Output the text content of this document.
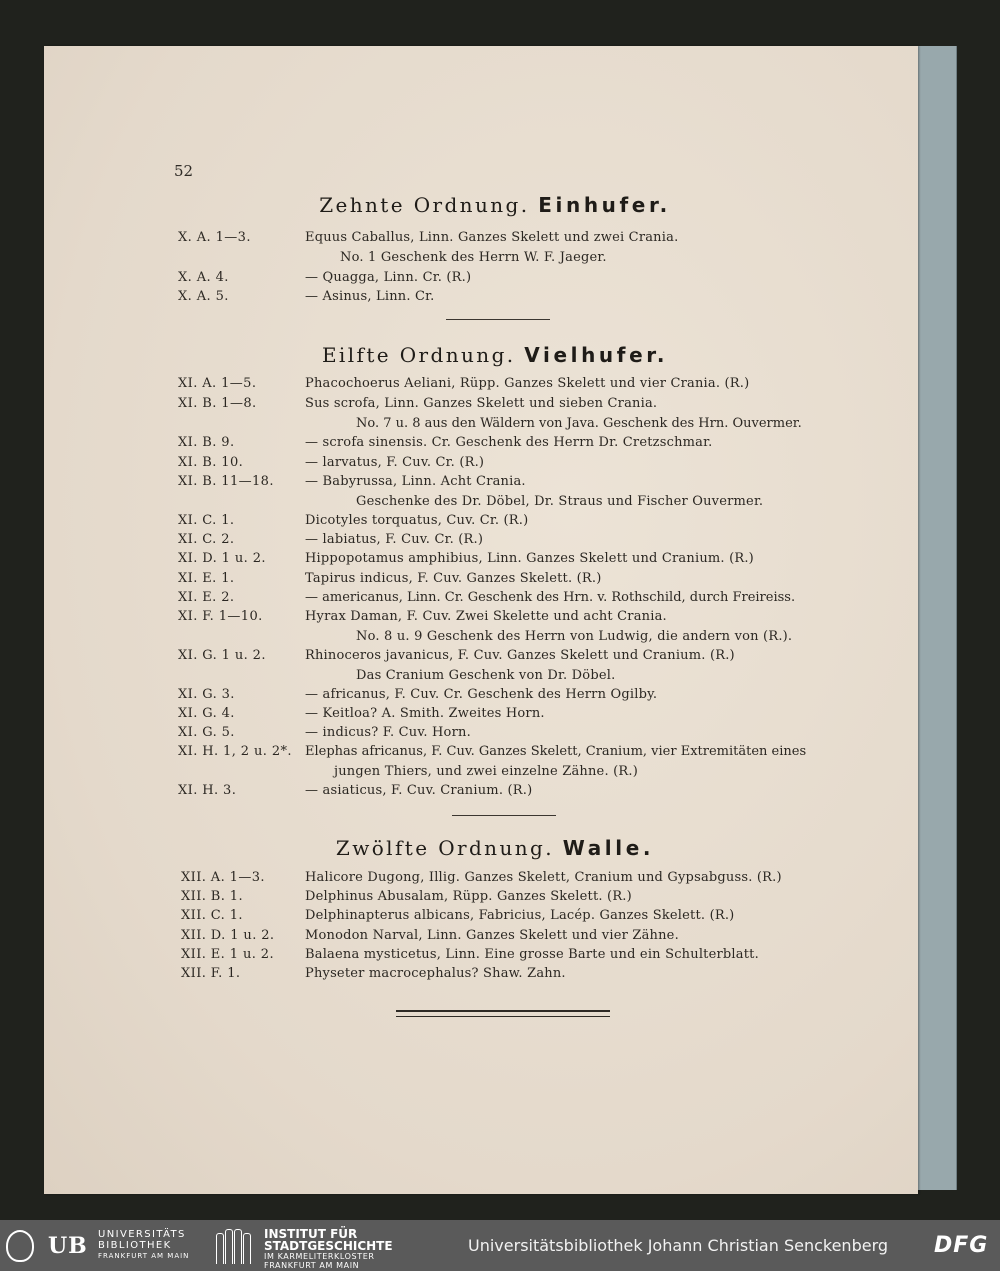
52
Zehnte Ordnung. Einhufer.
X. A. 1—3.	Equus Caballus, Linn. Ganzes Skelett und zwei Crania.
No. 1 Geschenk des Herrn W. F. Jaeger.
X. A. 4.	— Quagga, Linn. Cr. (R.)
X. A. 5.	— Asinus, Linn. Cr.
Eilfte Ordnung. Vielhufer.
XI. A. 1—5.	Phacochoerus Aeliani, Rüpp. Ganzes Skelett und vier Crania. (R.)
XI. B. 1—8.	Sus scrofa, Linn. Ganzes Skelett und sieben Crania.
No. 7 u. 8 aus den Wäldern von Java. Geschenk des Hrn. Ouvermer.
XI. B. 9.	— scrofa sinensis. Cr. Geschenk des Herrn Dr. Cretzschmar.
XI. B. 10.	— larvatus, F. Cuv. Cr. (R.)
XI. B. 11—18. — Babyrussa, Linn. Acht Crania.
Geschenke des Dr. Döbel, Dr. Straus und Fischer Ouvermer.
XI. C. 1.	Dicotyles torquatus, Cuv. Cr. (R.)
XI. C. 2.	— labiatus, F. Cuv. Cr. (R.)
XI. D. 1 u. 2.	Hippopotamus amphibius, Linn. Ganzes Skelett und Cranium. (R.)
XI. E. 1.	Tapirus indicus, F. Cuv. Ganzes Skelett. (R.)
XI. E. 2.	— americanus, Linn. Cr. Geschenk des Hrn. v. Rothschild, durch Freireiss.
XI. F. 1—10.	Hyrax Daman, F. Cuv. Zwei Skelette und acht Crania.
No. 8 u. 9 Geschenk des Herrn von Ludwig, die andern von (R.).
XI. G. 1 u. 2.	Rhinoceros javanicus, F. Cuv. Ganzes Skelett und Cranium. (R.)
Das Cranium Geschenk von Dr. Döbel.
XI. G. 3.	— africanus, F. Cuv. Cr. Geschenk des Herrn Ogilby.
XI. G. 4.	— Keitloa? A. Smith. Zweites Horn.
XI. G. 5.	— indicus? F. Cuv. Horn.
XI. H. 1, 2 u. 2*. Elephas africanus, F. Cuv. Ganzes Skelett, Cranium, vier Extremitäten eines
jungen Thiers, und zwei einzelne Zähne. (R.)
XI. H. 3.	— asiaticus, F. Cuv. Cranium. (R.)
Zwölfte Ordnung. Walle.
XII. A. 1—3.	Halicore Dugong, Illig. Ganzes Skelett, Cranium und Gypsabguss. (R.)
XII. B. 1.	Delphinus Abusalam, Rüpp. Ganzes Skelett. (R.)
XII. C. 1.	Delphinapterus albicans, Fabricius, Lacép. Ganzes Skelett. (R.)
XII. D. 1 u. 2. Monodon Narval, Linn. Ganzes Skelett und vier Zähne.
XII. E. 1 u. 2. Balaena mysticetus, Linn. Eine grosse Barte und ein Schulterblatt.
XII. F. 1.	Physeter macrocephalus? Shaw. Zahn.
UB UNIVERSITÄTS
BIBLIOTHEK
FRANKFURT AM MAIN
INSTITUT FÜR
STADTGESCHICHTE
IM KARMELITERKLOSTER
FRANKFURT AM MAIN
Universitätsbibliothek Johann Christian Senckenberg DFG
